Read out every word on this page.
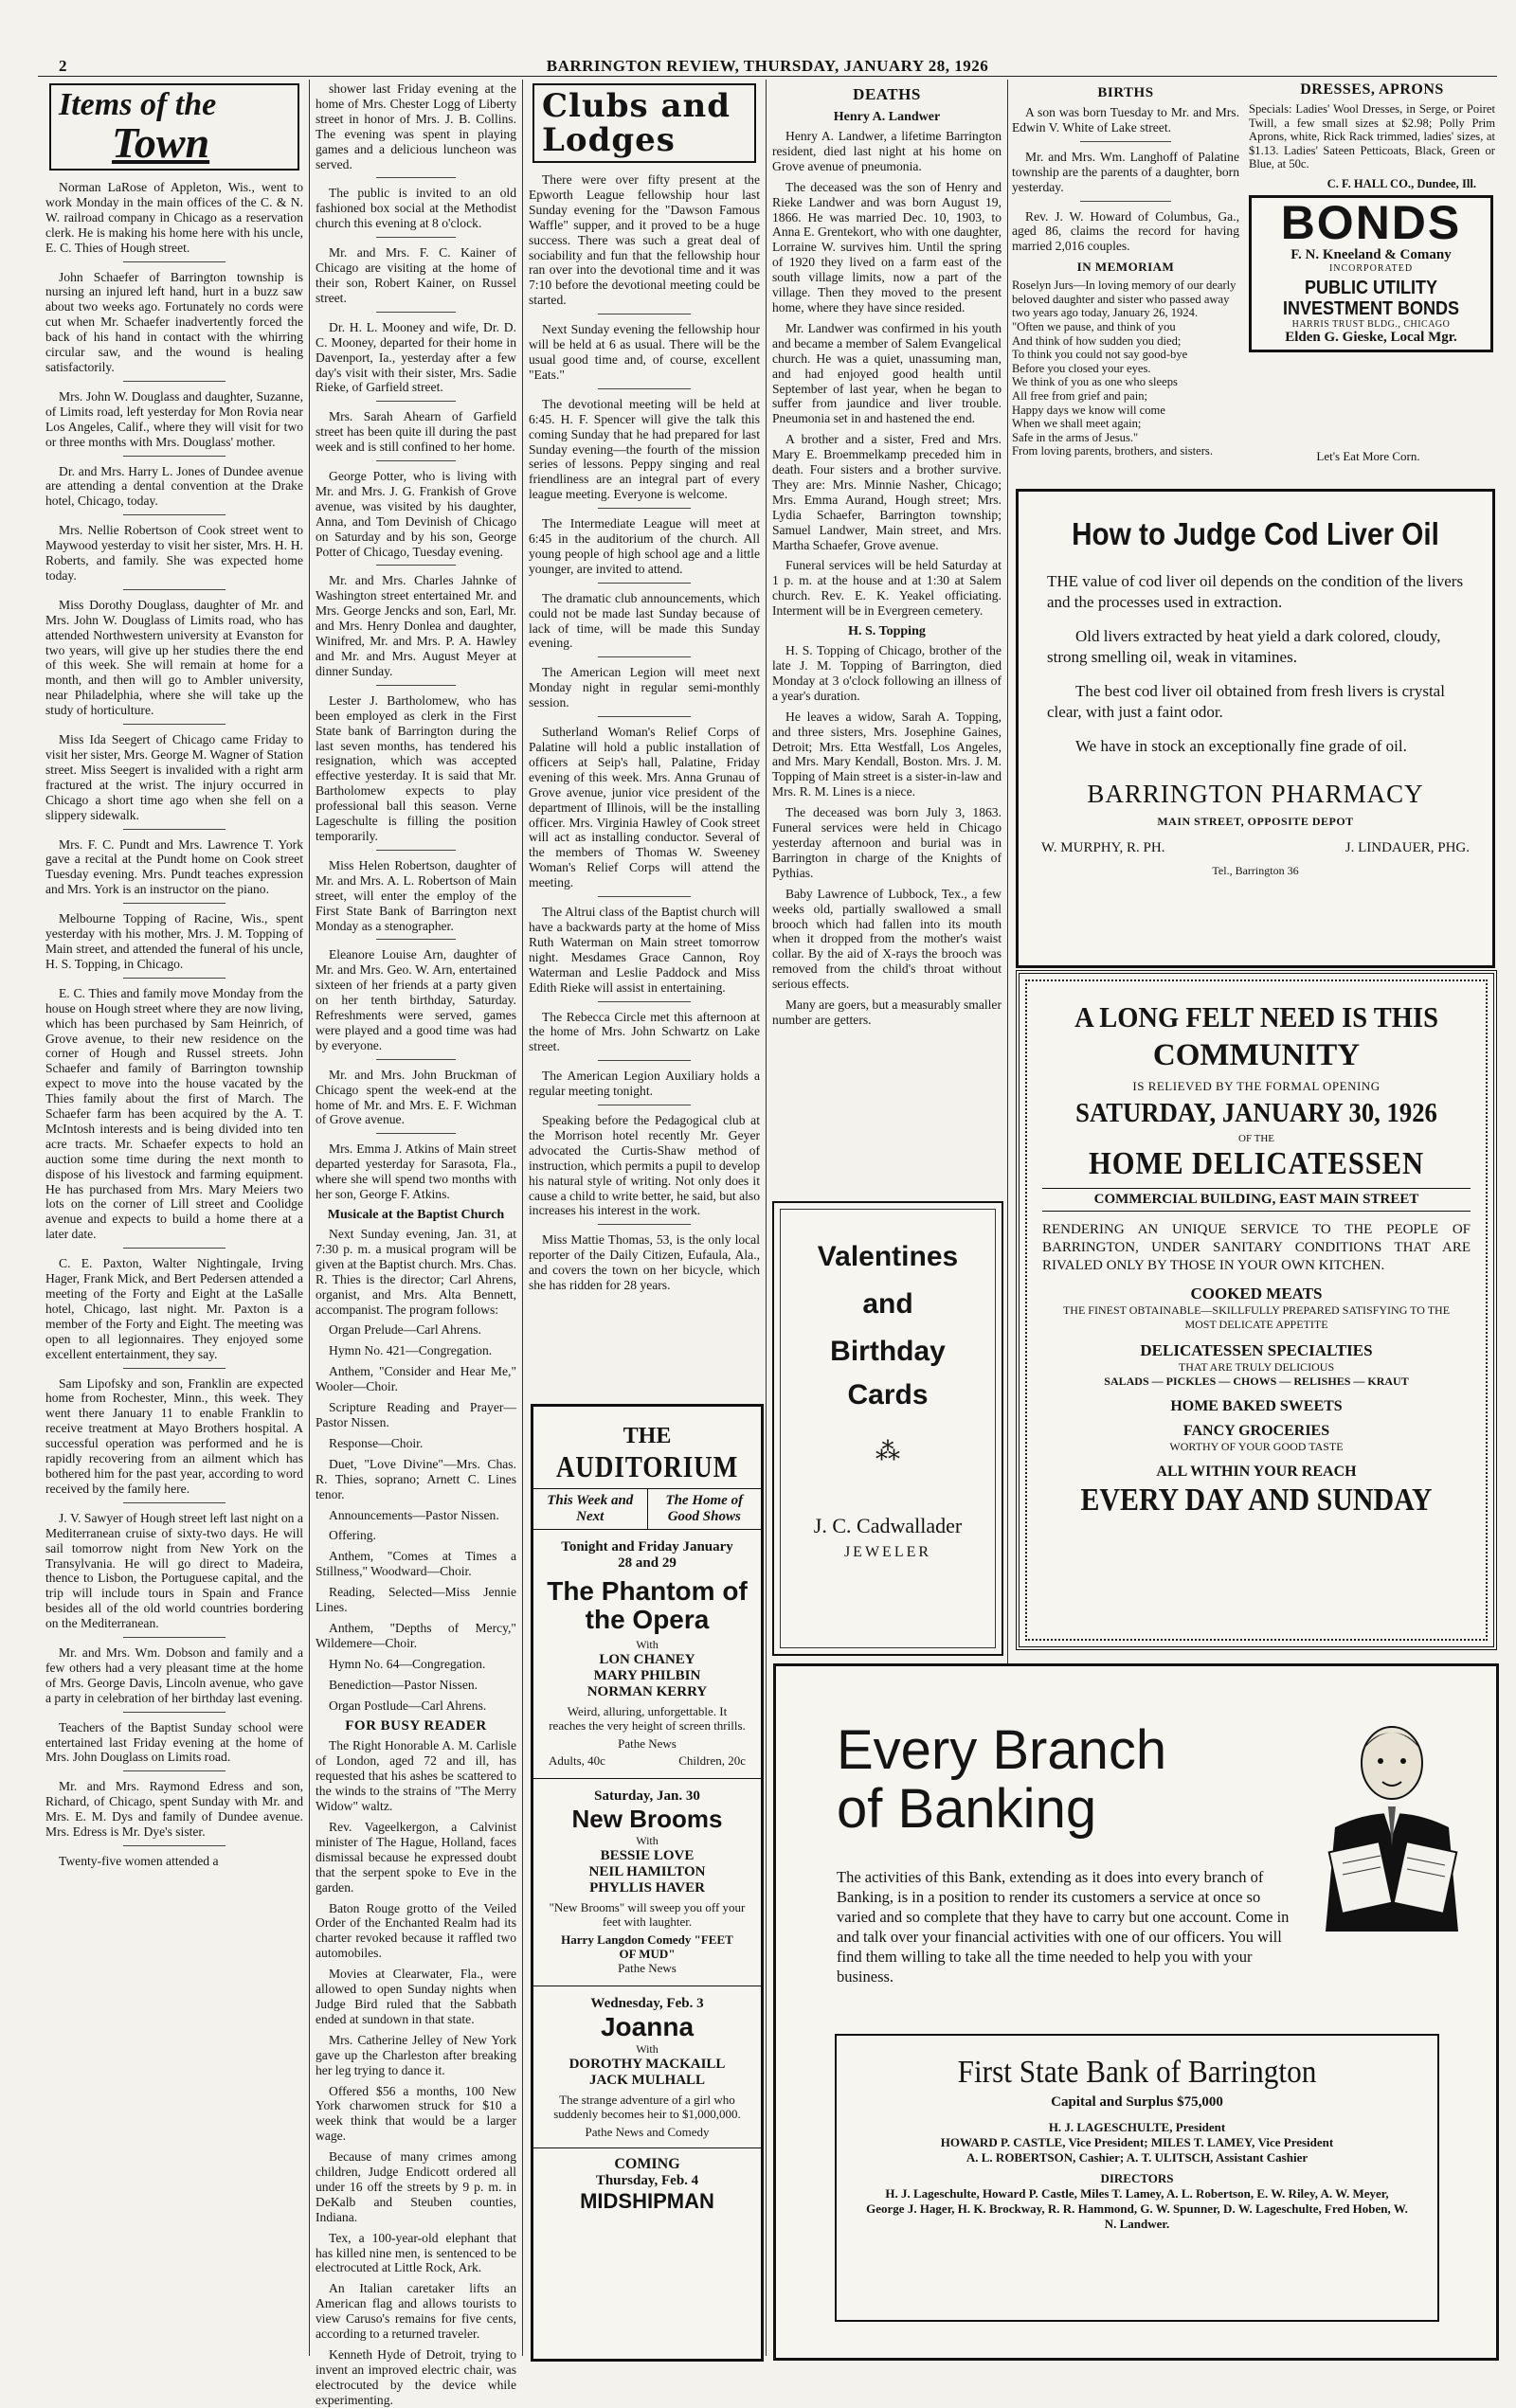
2	BARRINGTON REVIEW, THURSDAY, JANUARY 28, 1926
Items of the
Town

Norman LaRose of Appleton, Wis., went to work Monday in the main offices of the C. & N. W. railroad company in Chicago as a reservation clerk. He is making his home here with his uncle, E. C. Thies of Hough street.

John Schaefer of Barrington township is nursing an injured left hand, hurt in a buzz saw about two weeks ago. Fortunately no cords were cut when Mr. Schaefer inadvertently forced the back of his hand in contact with the whirring circular saw, and the wound is healing satisfactorily.

Mrs. John W. Douglass and daughter, Suzanne, of Limits road, left yesterday for Mon Rovia near Los Angeles, Calif., where they will visit for two or three months with Mrs. Douglass' mother.

Dr. and Mrs. Harry L. Jones of Dundee avenue are attending a dental convention at the Drake hotel, Chicago, today.

Mrs. Nellie Robertson of Cook street went to Maywood yesterday to visit her sister, Mrs. H. H. Roberts, and family. She was expected home today.

Miss Dorothy Douglass, daughter of Mr. and Mrs. John W. Douglass of Limits road, who has attended Northwestern university at Evanston for two years, will give up her studies there the end of this week. She will remain at home for a month, and then will go to Ambler university, near Philadelphia, where she will take up the study of horticulture.

Miss Ida Seegert of Chicago came Friday to visit her sister, Mrs. George M. Wagner of Station street. Miss Seegert is invalided with a right arm fractured at the wrist. The injury occurred in Chicago a short time ago when she fell on a slippery sidewalk.

Mrs. F. C. Pundt and Mrs. Lawrence T. York gave a recital at the Pundt home on Cook street Tuesday evening. Mrs. Pundt teaches expression and Mrs. York is an instructor on the piano.

Melbourne Topping of Racine, Wis., spent yesterday with his mother, Mrs. J. M. Topping of Main street, and attended the funeral of his uncle, H. S. Topping, in Chicago.

E. C. Thies and family move Monday from the house on Hough street where they are now living, which has been purchased by Sam Heinrich, of Grove avenue, to their new residence on the corner of Hough and Russel streets. John Schaefer and family of Barrington township expect to move into the house vacated by the Thies family about the first of March. The Schaefer farm has been acquired by the A. T. McIntosh interests and is being divided into ten acre tracts. Mr. Schaefer expects to hold an auction some time during the next month to dispose of his livestock and farming equipment. He has purchased from Mrs. Mary Meiers two lots on the corner of Lill street and Coolidge avenue and expects to build a home there at a later date.

C. E. Paxton, Walter Nightingale, Irving Hager, Frank Mick, and Bert Pedersen attended a meeting of the Forty and Eight at the LaSalle hotel, Chicago, last night. Mr. Paxton is a member of the Forty and Eight. The meeting was open to all legionnaires. They enjoyed some excellent entertainment, they say.

Sam Lipofsky and son, Franklin are expected home from Rochester, Minn., this week. They went there January 11 to enable Franklin to receive treatment at Mayo Brothers hospital. A successful operation was performed and he is rapidly recovering from an ailment which has bothered him for the past year, according to word received by the family here.

J. V. Sawyer of Hough street left last night on a Mediterranean cruise of sixty-two days. He will sail tomorrow night from New York on the Transylvania. He will go direct to Madeira, thence to Lisbon, the Portuguese capital, and the trip will include tours in Spain and France besides all of the old world countries bordering on the Mediterranean.

Mr. and Mrs. Wm. Dobson and family and a few others had a very pleasant time at the home of Mrs. George Davis, Lincoln avenue, who gave a party in celebration of her birthday last evening.

Teachers of the Baptist Sunday school were entertained last Friday evening at the home of Mrs. John Douglass on Limits road.

Mr. and Mrs. Raymond Edress and son, Richard, of Chicago, spent Sunday with Mr. and Mrs. E. M. Dys and family of Dundee avenue. Mrs. Edress is Mr. Dye's sister.

Twenty-five women attended a

shower last Friday evening at the home of Mrs. Chester Logg of Liberty street in honor of Mrs. J. B. Collins. The evening was spent in playing games and a delicious luncheon was served.

The public is invited to an old fashioned box social at the Methodist church this evening at 8 o'clock.

Mr. and Mrs. F. C. Kainer of Chicago are visiting at the home of their son, Robert Kainer, on Russel street.

Dr. H. L. Mooney and wife, Dr. D. C. Mooney, departed for their home in Davenport, Ia., yesterday after a few day's visit with their sister, Mrs. Sadie Rieke, of Garfield street.

Mrs. Sarah Ahearn of Garfield street has been quite ill during the past week and is still confined to her home.

George Potter, who is living with Mr. and Mrs. J. G. Frankish of Grove avenue, was visited by his daughter, Anna, and Tom Devinish of Chicago on Saturday and by his son, George Potter of Chicago, Tuesday evening.

Mr. and Mrs. Charles Jahnke of Washington street entertained Mr. and Mrs. George Jencks and son, Earl, Mr. and Mrs. Henry Donlea and daughter, Winifred, Mr. and Mrs. P. A. Hawley and Mr. and Mrs. August Meyer at dinner Sunday.

Lester J. Bartholomew, who has been employed as clerk in the First State bank of Barrington during the last seven months, has tendered his resignation, which was accepted effective yesterday. It is said that Mr. Bartholomew expects to play professional ball this season. Verne Lageschulte is filling the position temporarily.

Miss Helen Robertson, daughter of Mr. and Mrs. A. L. Robertson of Main street, will enter the employ of the First State Bank of Barrington next Monday as a stenographer.

Eleanore Louise Arn, daughter of Mr. and Mrs. Geo. W. Arn, entertained sixteen of her friends at a party given on her tenth birthday, Saturday. Refreshments were served, games were played and a good time was had by everyone.

Mr. and Mrs. John Bruckman of Chicago spent the week-end at the home of Mr. and Mrs. E. F. Wichman of Grove avenue.

Mrs. Emma J. Atkins of Main street departed yesterday for Sarasota, Fla., where she will spend two months with her son, George F. Atkins.

Musicale at the Baptist Church

Next Sunday evening, Jan. 31, at 7:30 p. m. a musical program will be given at the Baptist church. Mrs. Chas. R. Thies is the director; Carl Ahrens, organist, and Mrs. Alta Bennett, accompanist. The program follows:

Organ Prelude—Carl Ahrens.

Hymn No. 421—Congregation.

Anthem, "Consider and Hear Me," Wooler—Choir.

Scripture Reading and Prayer—Pastor Nissen.

Response—Choir.

Duet, "Love Divine"—Mrs. Chas. R. Thies, soprano; Arnett C. Lines tenor.

Announcements—Pastor Nissen.

Offering.

Anthem, "Comes at Times a Stillness," Woodward—Choir.

Reading, Selected—Miss Jennie Lines.

Anthem, "Depths of Mercy," Wildemere—Choir.

Hymn No. 64—Congregation.

Benediction—Pastor Nissen.

Organ Postlude—Carl Ahrens.

FOR BUSY READER

The Right Honorable A. M. Carlisle of London, aged 72 and ill, has requested that his ashes be scattered to the winds to the strains of "The Merry Widow" waltz.

Rev. Vageelkergon, a Calvinist minister of The Hague, Holland, faces dismissal because he expressed doubt that the serpent spoke to Eve in the garden.

Baton Rouge grotto of the Veiled Order of the Enchanted Realm had its charter revoked because it raffled two automobiles.

Movies at Clearwater, Fla., were allowed to open Sunday nights when Judge Bird ruled that the Sabbath ended at sundown in that state.

Mrs. Catherine Jelley of New York gave up the Charleston after breaking her leg trying to dance it.

Offered $56 a months, 100 New York charwomen struck for $10 a week think that would be a larger wage.

Because of many crimes among children, Judge Endicott ordered all under 16 off the streets by 9 p. m. in DeKalb and Steuben counties, Indiana.

Tex, a 100-year-old elephant that has killed nine men, is sentenced to be electrocuted at Little Rock, Ark.

An Italian caretaker lifts an American flag and allows tourists to view Caruso's remains for five cents, according to a returned traveler.

Kenneth Hyde of Detroit, trying to invent an improved electric chair, was electrocuted by the device while experimenting.

Clubs and Lodges

There were over fifty present at the Epworth League fellowship hour last Sunday evening for the "Dawson Famous Waffle" supper, and it proved to be a huge success. There was such a great deal of sociability and fun that the fellowship hour ran over into the devotional time and it was 7:10 before the devotional meeting could be started.

Next Sunday evening the fellowship hour will be held at 6 as usual. There will be the usual good time and, of course, excellent "Eats."

The devotional meeting will be held at 6:45. H. F. Spencer will give the talk this coming Sunday that he had prepared for last Sunday evening—the fourth of the mission series of lessons. Peppy singing and real friendliness are an integral part of every league meeting. Everyone is welcome.

The Intermediate League will meet at 6:45 in the auditorium of the church. All young people of high school age and a little younger, are invited to attend.

The dramatic club announcements, which could not be made last Sunday because of lack of time, will be made this Sunday evening.

The American Legion will meet next Monday night in regular semi-monthly session.

Sutherland Woman's Relief Corps of Palatine will hold a public installation of officers at Seip's hall, Palatine, Friday evening of this week. Mrs. Anna Grunau of Grove avenue, junior vice president of the department of Illinois, will be the installing officer. Mrs. Virginia Hawley of Cook street will act as installing conductor. Several of the members of Thomas W. Sweeney Woman's Relief Corps will attend the meeting.

The Altrui class of the Baptist church will have a backwards party at the home of Miss Ruth Waterman on Main street tomorrow night. Mesdames Grace Cannon, Roy Waterman and Leslie Paddock and Miss Edith Rieke will assist in entertaining.

The Rebecca Circle met this afternoon at the home of Mrs. John Schwartz on Lake street.

The American Legion Auxiliary holds a regular meeting tonight.

Speaking before the Pedagogical club at the Morrison hotel recently Mr. Geyer advocated the Curtis-Shaw method of instruction, which permits a pupil to develop his natural style of writing. Not only does it cause a child to write better, he said, but also increases his interest in the work.

Miss Mattie Thomas, 53, is the only local reporter of the Daily Citizen, Eufaula, Ala., and covers the town on her bicycle, which she has ridden for 28 years.

THE
AUDITORIUM
This Week and Next	The Home of Good Shows
Tonight and Friday January 28 and 29
The Phantom of the Opera
With
LON CHANEY
MARY PHILBIN
NORMAN KERRY
Weird, alluring, unforgettable. It reaches the very height of screen thrills.
Pathe News
Adults, 40c	Children, 20c
Saturday, Jan. 30
New Brooms
With
BESSIE LOVE
NEIL HAMILTON
PHYLLIS HAVER
"New Brooms" will sweep you off your feet with laughter.
Harry Langdon Comedy "FEET OF MUD"
Pathe News
Wednesday, Feb. 3
Joanna
With
DOROTHY MACKAILL
JACK MULHALL
The strange adventure of a girl who suddenly becomes heir to $1,000,000.
Pathe News and Comedy
COMING
Thursday, Feb. 4
MIDSHIPMAN
DEATHS
Henry A. Landwer

Henry A. Landwer, a lifetime Barrington resident, died last night at his home on Grove avenue of pneumonia.

The deceased was the son of Henry and Rieke Landwer and was born August 19, 1866. He was married Dec. 10, 1903, to Anna E. Grentekort, who with one daughter, Lorraine W. survives him. Until the spring of 1920 they lived on a farm east of the south village limits, now a part of the village. Then they moved to the present home, where they have since resided.

Mr. Landwer was confirmed in his youth and became a member of Salem Evangelical church. He was a quiet, unassuming man, and had enjoyed good health until September of last year, when he began to suffer from jaundice and liver trouble. Pneumonia set in and hastened the end.

A brother and a sister, Fred and Mrs. Mary E. Broemmelkamp preceded him in death. Four sisters and a brother survive. They are: Mrs. Minnie Nasher, Chicago; Mrs. Emma Aurand, Hough street; Mrs. Lydia Schaefer, Barrington township; Samuel Landwer, Main street, and Mrs. Martha Schaefer, Grove avenue.

Funeral services will be held Saturday at 1 p. m. at the house and at 1:30 at Salem church. Rev. E. K. Yeakel officiating. Interment will be in Evergreen cemetery.

H. S. Topping

H. S. Topping of Chicago, brother of the late J. M. Topping of Barrington, died Monday at 3 o'clock following an illness of a year's duration.

He leaves a widow, Sarah A. Topping, and three sisters, Mrs. Josephine Gaines, Detroit; Mrs. Etta Westfall, Los Angeles, and Mrs. Mary Kendall, Boston. Mrs. J. M. Topping of Main street is a sister-in-law and Mrs. R. M. Lines is a niece.

The deceased was born July 3, 1863. Funeral services were held in Chicago yesterday afternoon and burial was in Barrington in charge of the Knights of Pythias.

Baby Lawrence of Lubbock, Tex., a few weeks old, partially swallowed a small brooch which had fallen into its mouth when it dropped from the mother's waist collar. By the aid of X-rays the brooch was removed from the child's throat without serious effects.

Many are goers, but a measurably smaller number are getters.

Valentines
and
Birthday
Cards
⁂
J. C. Cadwallader
JEWELER
BIRTHS

A son was born Tuesday to Mr. and Mrs. Edwin V. White of Lake street.

Mr. and Mrs. Wm. Langhoff of Palatine township are the parents of a daughter, born yesterday.

Rev. J. W. Howard of Columbus, Ga., aged 86, claims the record for having married 2,016 couples.

IN MEMORIAM

Roselyn Jurs—In loving memory of our dearly beloved daughter and sister who passed away two years ago today, January 26, 1924.
"Often we pause, and think of you
And think of how sudden you died;
To think you could not say good-bye
Before you closed your eyes.
We think of you as one who sleeps
All free from grief and pain;
Happy days we know will come
When we shall meet again;
Safe in the arms of Jesus."
From loving parents, brothers, and sisters.

DRESSES, APRONS

Specials: Ladies' Wool Dresses, in Serge, or Poiret Twill, a few small sizes at $2.98; Polly Prim Aprons, white, Rick Rack trimmed, ladies' sizes, at $1.13. Ladies' Sateen Petticoats, Black, Green or Blue, at 50c.

C. F. HALL CO., Dundee, Ill.
BONDS
F. N. Kneeland & Comany
INCORPORATED
PUBLIC UTILITY
INVESTMENT BONDS
HARRIS TRUST BLDG., CHICAGO
Elden G. Gieske, Local Mgr.
Let's Eat More Corn.
How to Judge Cod Liver Oil

THE value of cod liver oil depends on the condition of the livers and the processes used in extraction.

Old livers extracted by heat yield a dark colored, cloudy, strong smelling oil, weak in vitamines.

The best cod liver oil obtained from fresh livers is crystal clear, with just a faint odor.

We have in stock an exceptionally fine grade of oil.

BARRINGTON PHARMACY
MAIN STREET, OPPOSITE DEPOT
W. MURPHY, R. PH.	J. LINDAUER, PHG.
Tel., Barrington 36
A LONG FELT NEED IS THIS
COMMUNITY
IS RELIEVED BY THE FORMAL OPENING
SATURDAY, JANUARY 30, 1926
OF THE
HOME DELICATESSEN
COMMERCIAL BUILDING, EAST MAIN STREET
RENDERING AN UNIQUE SERVICE TO THE PEOPLE OF BARRINGTON, UNDER SANITARY CONDITIONS THAT ARE RIVALED ONLY BY THOSE IN YOUR OWN KITCHEN.
COOKED MEATS
THE FINEST OBTAINABLE—SKILLFULLY PREPARED SATISFYING TO THE MOST DELICATE APPETITE
DELICATESSEN SPECIALTIES
THAT ARE TRULY DELICIOUS
SALADS — PICKLES — CHOWS — RELISHES — KRAUT
HOME BAKED SWEETS
FANCY GROCERIES
WORTHY OF YOUR GOOD TASTE
ALL WITHIN YOUR REACH
EVERY DAY AND SUNDAY
Every Branch
of Banking
The activities of this Bank, extending as it does into every branch of Banking, is in a position to render its customers a service at once so varied and so complete that they have to carry but one account. Come in and talk over your financial activities with one of our officers. You will find them willing to take all the time needed to help you with your business.
First State Bank of Barrington
Capital and Surplus $75,000
H. J. LAGESCHULTE, President
HOWARD P. CASTLE, Vice President; MILES T. LAMEY, Vice President
A. L. ROBERTSON, Cashier; A. T. ULITSCH, Assistant Cashier
DIRECTORS
H. J. Lageschulte, Howard P. Castle, Miles T. Lamey, A. L. Robertson, E. W. Riley, A. W. Meyer, George J. Hager, H. K. Brockway, R. R. Hammond, G. W. Spunner, D. W. Lageschulte, Fred Hoben, W. N. Landwer.
